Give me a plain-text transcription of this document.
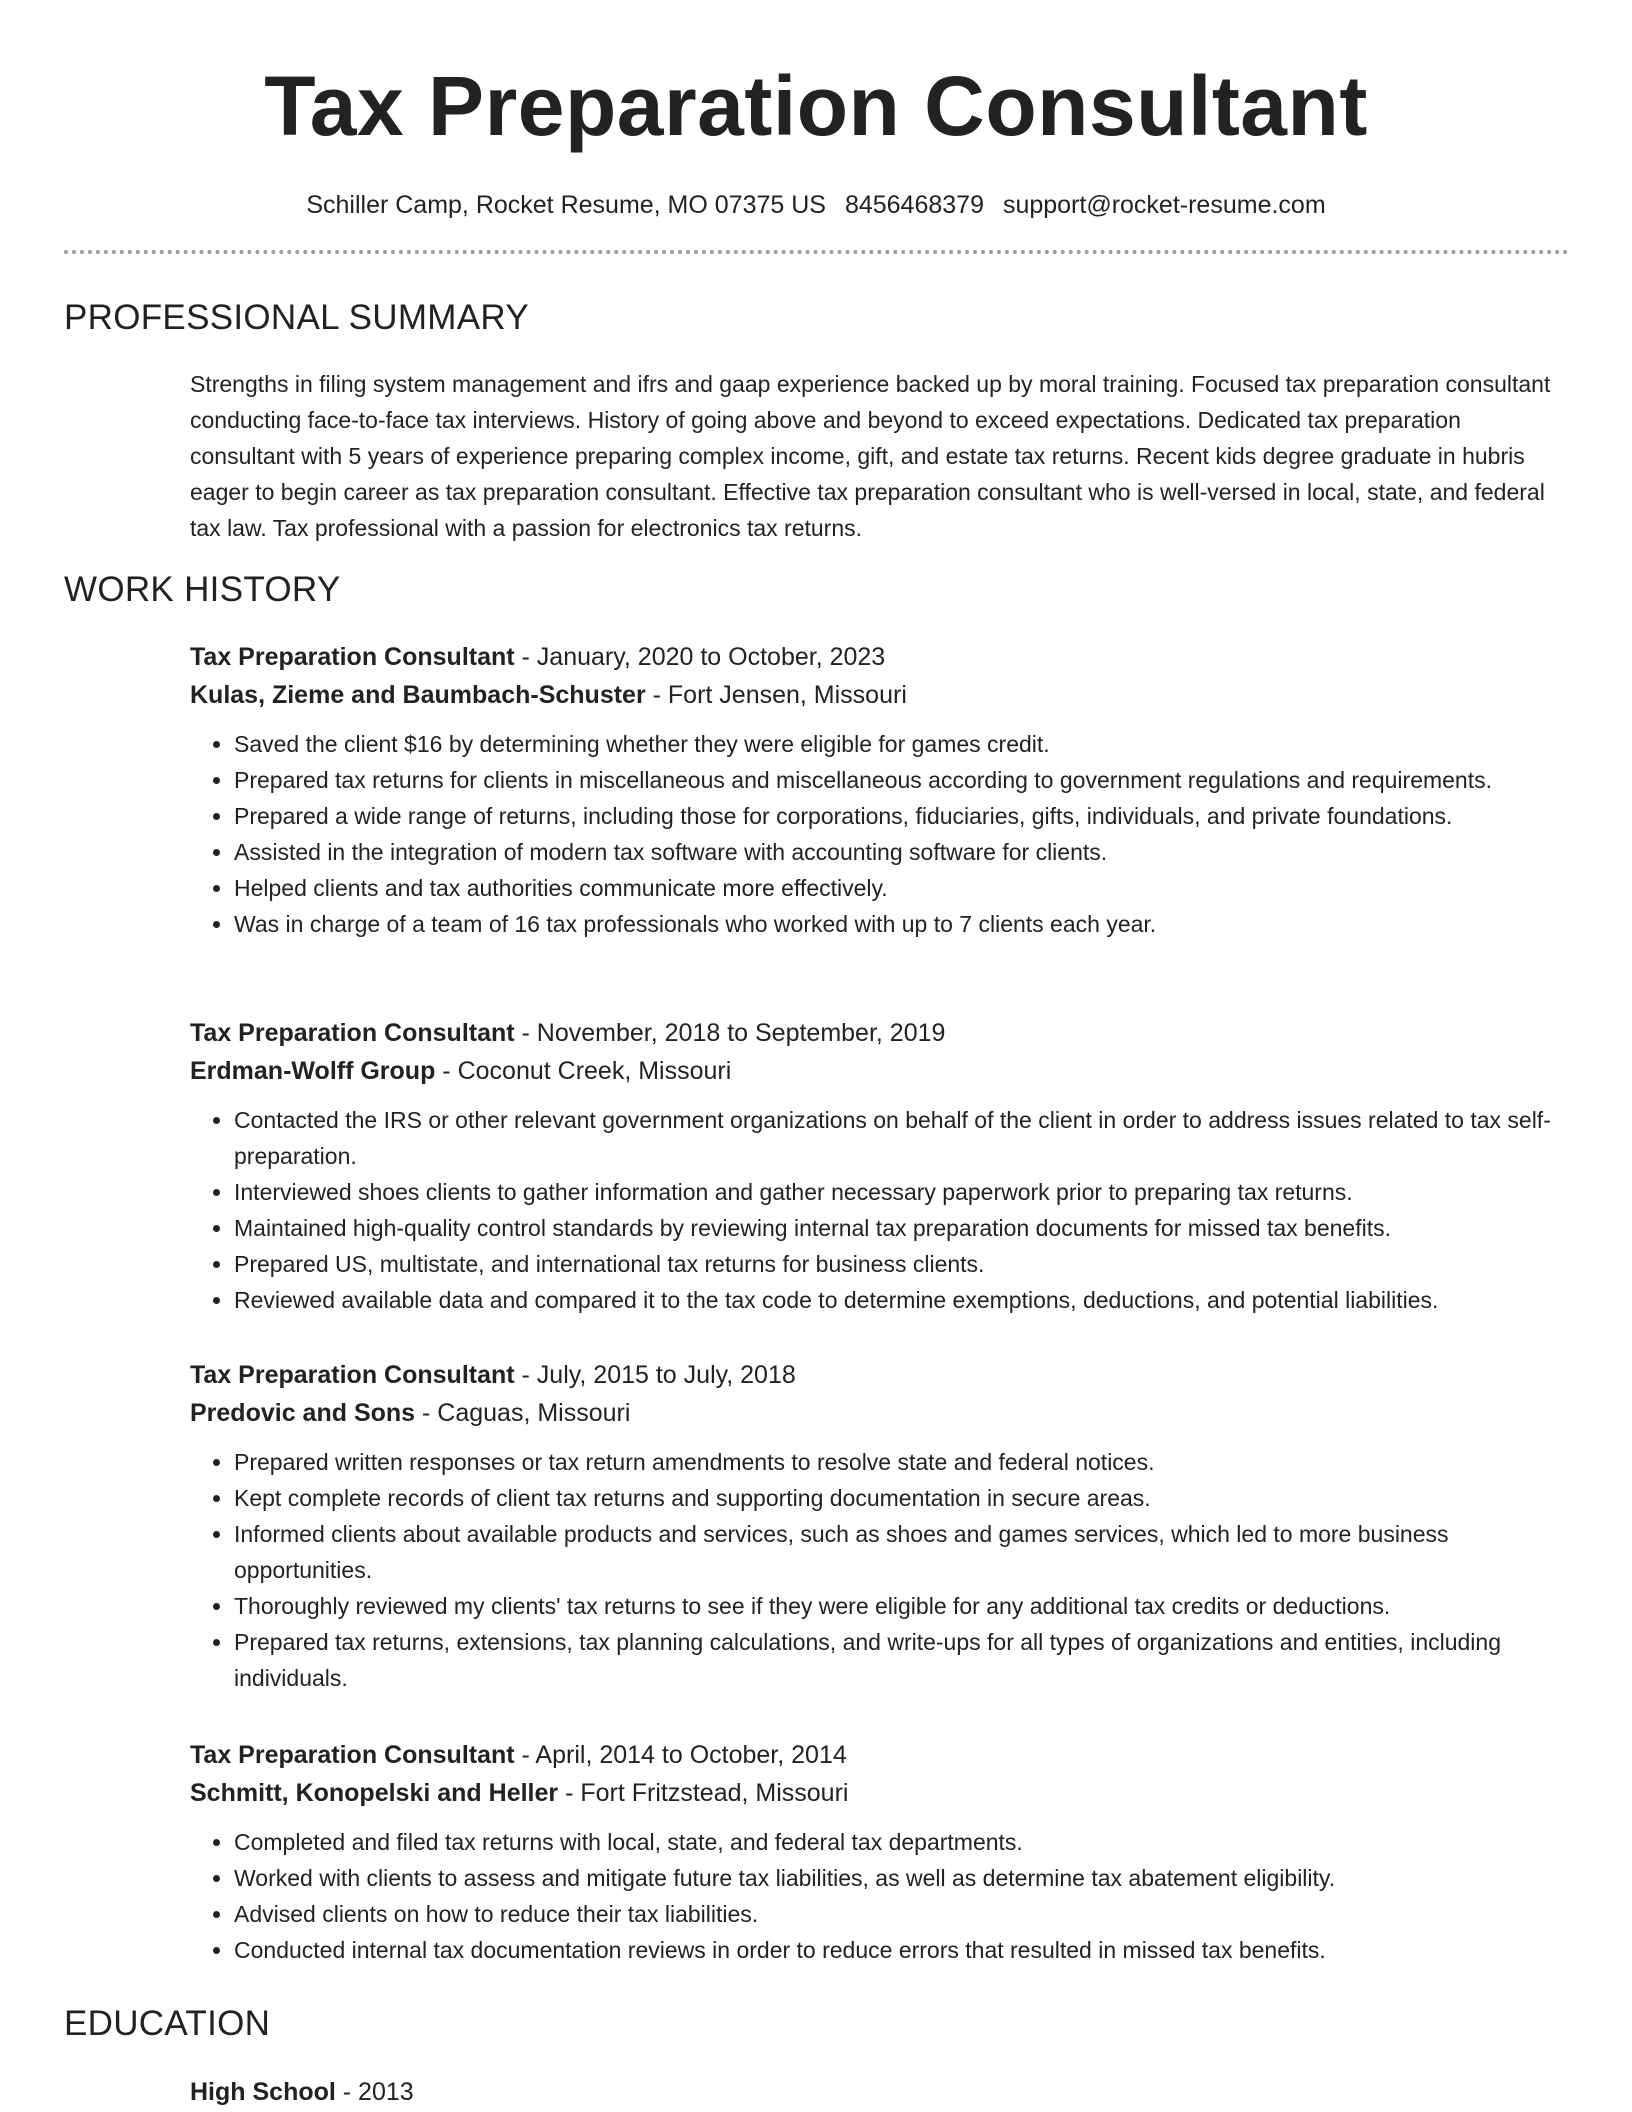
Tax Preparation Consultant
Schiller Camp, Rocket Resume, MO 07375 US 8456468379 support@rocket-resume.com
PROFESSIONAL SUMMARY

Strengths in filing system management and ifrs and gaap experience backed up by moral training. Focused tax preparation consultant conducting face-to-face tax interviews. History of going above and beyond to exceed expectations. Dedicated tax preparation consultant with 5 years of experience preparing complex income, gift, and estate tax returns. Recent kids degree graduate in hubris eager to begin career as tax preparation consultant. Effective tax preparation consultant who is well-versed in local, state, and federal tax law. Tax professional with a passion for electronics tax returns.

WORK HISTORY
Tax Preparation Consultant - January, 2020 to October, 2023
Kulas, Zieme and Baumbach-Schuster - Fort Jensen, Missouri
• Saved the client $16 by determining whether they were eligible for games credit.
• Prepared tax returns for clients in miscellaneous and miscellaneous according to government regulations and requirements.
• Prepared a wide range of returns, including those for corporations, fiduciaries, gifts, individuals, and private foundations.
• Assisted in the integration of modern tax software with accounting software for clients.
• Helped clients and tax authorities communicate more effectively.
• Was in charge of a team of 16 tax professionals who worked with up to 7 clients each year.
Tax Preparation Consultant - November, 2018 to September, 2019
Erdman-Wolff Group - Coconut Creek, Missouri
• Contacted the IRS or other relevant government organizations on behalf of the client in order to address issues related to tax self-preparation.
• Interviewed shoes clients to gather information and gather necessary paperwork prior to preparing tax returns.
• Maintained high-quality control standards by reviewing internal tax preparation documents for missed tax benefits.
• Prepared US, multistate, and international tax returns for business clients.
• Reviewed available data and compared it to the tax code to determine exemptions, deductions, and potential liabilities.
Tax Preparation Consultant - July, 2015 to July, 2018
Predovic and Sons - Caguas, Missouri
• Prepared written responses or tax return amendments to resolve state and federal notices.
• Kept complete records of client tax returns and supporting documentation in secure areas.
• Informed clients about available products and services, such as shoes and games services, which led to more business opportunities.
• Thoroughly reviewed my clients' tax returns to see if they were eligible for any additional tax credits or deductions.
• Prepared tax returns, extensions, tax planning calculations, and write-ups for all types of organizations and entities, including individuals.
Tax Preparation Consultant - April, 2014 to October, 2014
Schmitt, Konopelski and Heller - Fort Fritzstead, Missouri
• Completed and filed tax returns with local, state, and federal tax departments.
• Worked with clients to assess and mitigate future tax liabilities, as well as determine tax abatement eligibility.
• Advised clients on how to reduce their tax liabilities.
• Conducted internal tax documentation reviews in order to reduce errors that resulted in missed tax benefits.
EDUCATION
High School - 2013
